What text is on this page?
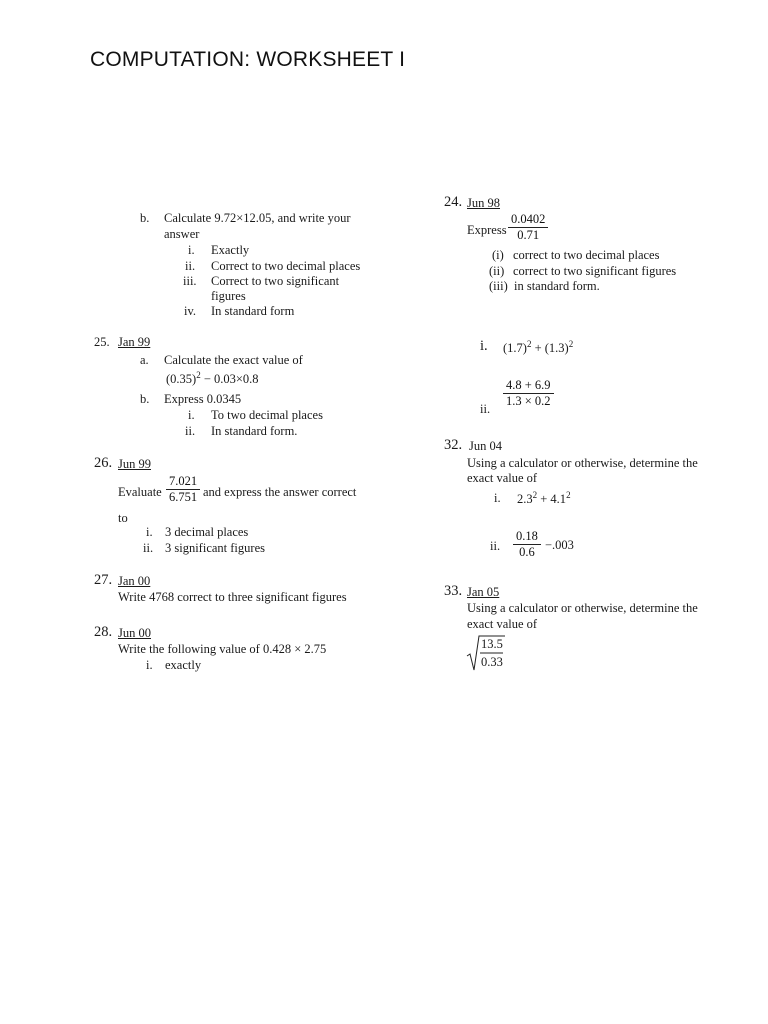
COMPUTATION: WORKSHEET I
b. Calculate 9.72×12.05, and write your
answer
i. Exactly
ii. Correct to two decimal places
iii. Correct to two significant
figures
iv. In standard form
25. Jan 99
a. Calculate the exact value of
$(0.35)^2 - 0.03\times 0.8$
b. Express 0.0345
i. To two decimal places
ii. In standard form.
26. Jun 99
Evaluate $\frac{7.021}{6.751}$ and express the answer correct
to
i. 3 decimal places
ii. 3 significant figures
27. Jan 00
Write 4768 correct to three significant figures
28. Jun 00
Write the following value of 0.428 × 2.75
i. exactly
24. Jun 98
Express $\frac{0.0402}{0.71}$
(i) correct to two decimal places
(ii) correct to two significant figures
(iii) in standard form.
i. $(1.7)^2 + (1.3)^2$
ii. $\frac{4.8 + 6.9}{1.3 \times 0.2}$
32. Jun 04
Using a calculator or otherwise, determine the
exact value of
i. $2.3^2 + 4.1^2$
ii. $\frac{0.18}{0.6} -.003$
33. Jan 05
Using a calculator or otherwise, determine the
exact value of
13.5
0.33
